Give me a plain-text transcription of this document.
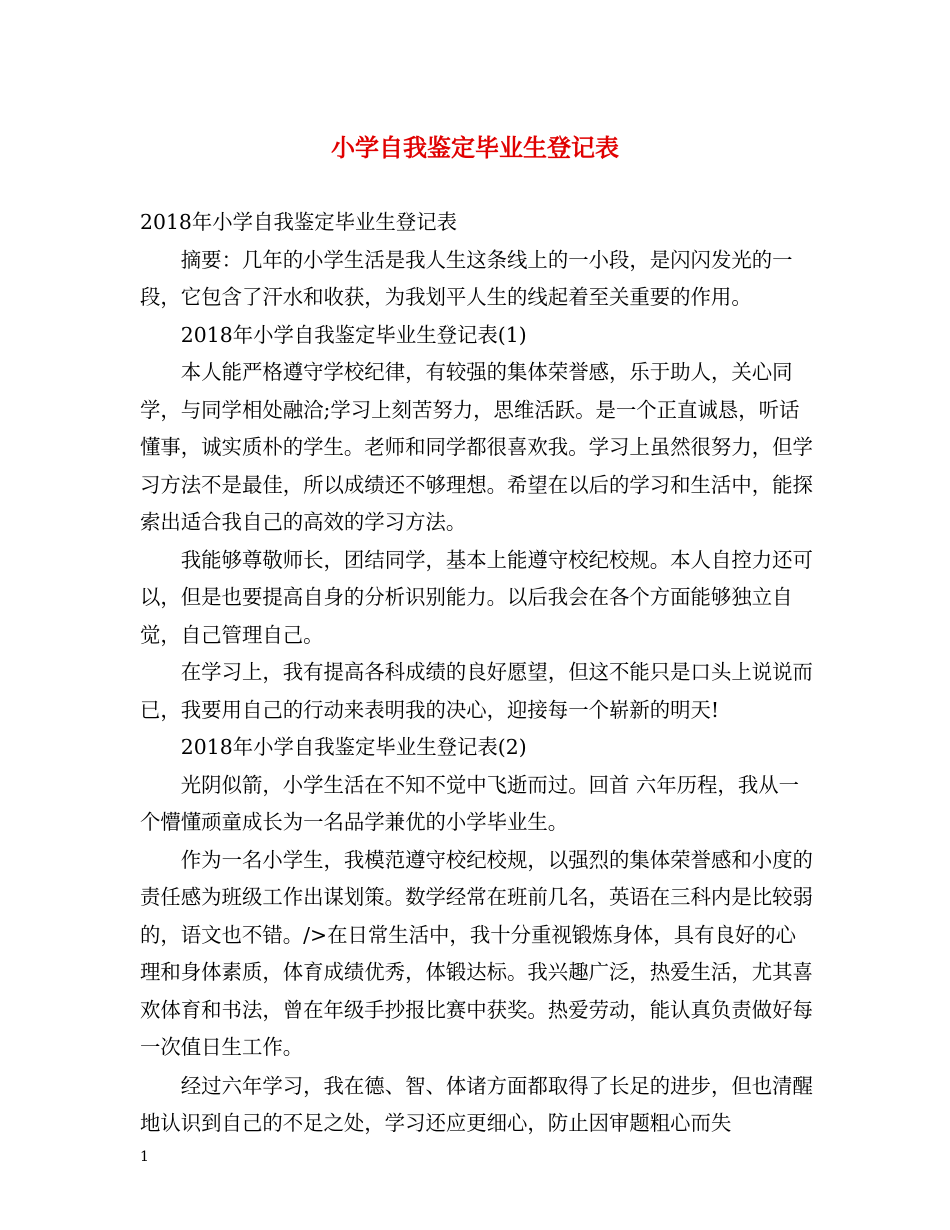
小学自我鉴定毕业生登记表

2018年小学自我鉴定毕业生登记表

摘要：几年的小学生活是我人生这条线上的一小段，是闪闪发光的一段，它包含了汗水和收获，为我划平人生的线起着至关重要的作用。

2018年小学自我鉴定毕业生登记表(1)

本人能严格遵守学校纪律，有较强的集体荣誉感，乐于助人，关心同学，与同学相处融洽;学习上刻苦努力，思维活跃。是一个正直诚恳，听话懂事，诚实质朴的学生。老师和同学都很喜欢我。学习上虽然很努力，但学习方法不是最佳，所以成绩还不够理想。希望在以后的学习和生活中，能探索出适合我自己的高效的学习方法。

我能够尊敬师长，团结同学，基本上能遵守校纪校规。本人自控力还可以，但是也要提高自身的分析识别能力。以后我会在各个方面能够独立自觉，自己管理自己。

在学习上，我有提高各科成绩的良好愿望，但这不能只是口头上说说而已，我要用自己的行动来表明我的决心，迎接每一个崭新的明天!

2018年小学自我鉴定毕业生登记表(2)

光阴似箭，小学生活在不知不觉中飞逝而过。回首 六年历程，我从一个懵懂顽童成长为一名品学兼优的小学毕业生。

作为一名小学生，我模范遵守校纪校规，以强烈的集体荣誉感和小度的责任感为班级工作出谋划策。数学经常在班前几名，英语在三科内是比较弱的，语文也不错。/>在日常生活中，我十分重视锻炼身体，具有良好的心理和身体素质，体育成绩优秀，体锻达标。我兴趣广泛，热爱生活，尤其喜欢体育和书法，曾在年级手抄报比赛中获奖。热爱劳动，能认真负责做好每一次值日生工作。

经过六年学习，我在德、智、体诸方面都取得了长足的进步，但也清醒地认识到自己的不足之处，学习还应更细心，防止因审题粗心而失

1
